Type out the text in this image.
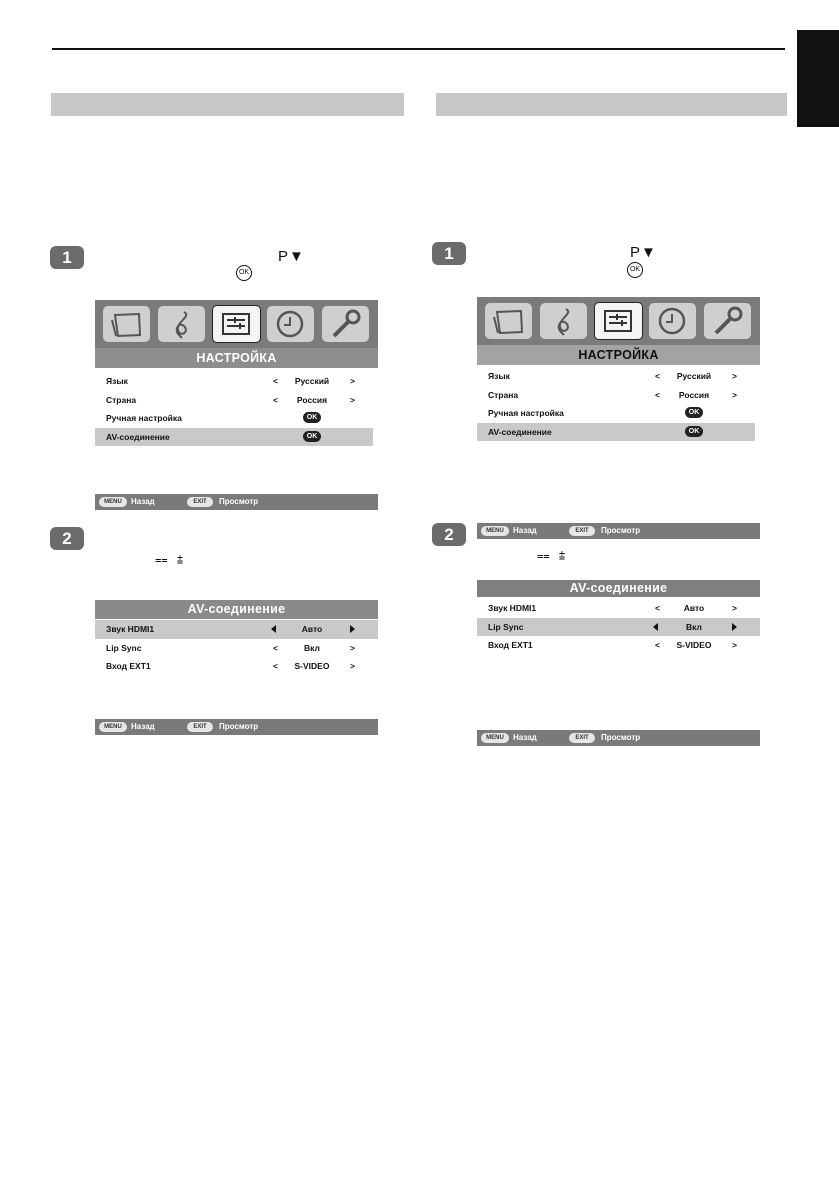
1	P▼
OK
НАСТРОЙКА
Язык	<	Русский	>
Страна	<	Россия	>
Ручная настройка	OK
AV-соединение	OK
MENU	Назад	EXIT	Просмотр
2
⩵   ⩲
AV-соединение
Звук HDMI1	Авто
Lip Sync	<	Вкл	>
Вход EXT1	<	S-VIDEO	>
MENU	Назад	EXIT	Просмотр
1	P▼
OK
НАСТРОЙКА
Язык	<	Русский	>
Страна	<	Россия	>
Ручная настройка	OK
AV-соединение	OK
MENU	Назад	EXIT	Просмотр
2
⩵   ⩲
AV-соединение
Звук HDMI1	<	Авто	>
Lip Sync	Вкл
Вход EXT1	<	S-VIDEO	>
MENU	Назад	EXIT	Просмотр
